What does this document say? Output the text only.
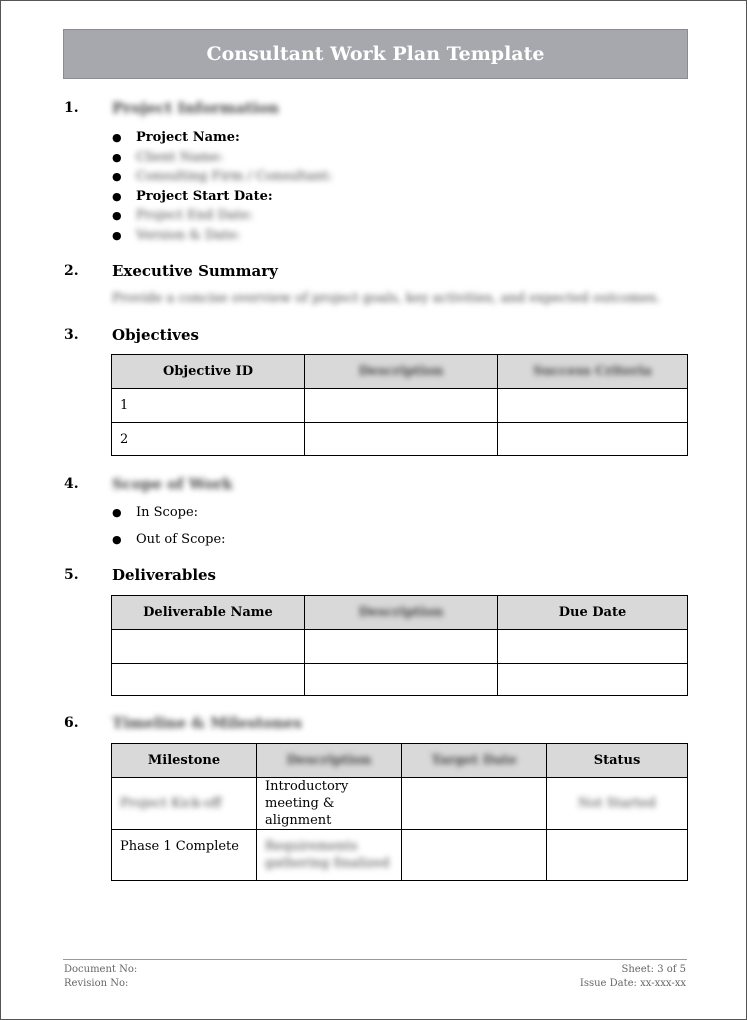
Consultant Work Plan Template
1. Project Information
●	Project Name:
●	Client Name:
●	Consulting Firm / Consultant:
●	Project Start Date:
●	Project End Date:
●	Version & Date:
2. Executive Summary
Provide a concise overview of project goals, key activities, and expected outcomes.
3. Objectives
Objective ID	Description	Success Criteria
1		
2		
4. Scope of Work
●	In Scope:
●	Out of Scope:
5. Deliverables
Deliverable Name	Description	Due Date

6. Timeline & Milestones
Milestone	Description	Target Date	Status
Project Kick-off	Introductory meeting & alignment		Not Started
Phase 1 Complete	Requirements gathering finalized		
Document No:
Revision No:
Sheet: 3 of 5
Issue Date: xx-xxx-xx
